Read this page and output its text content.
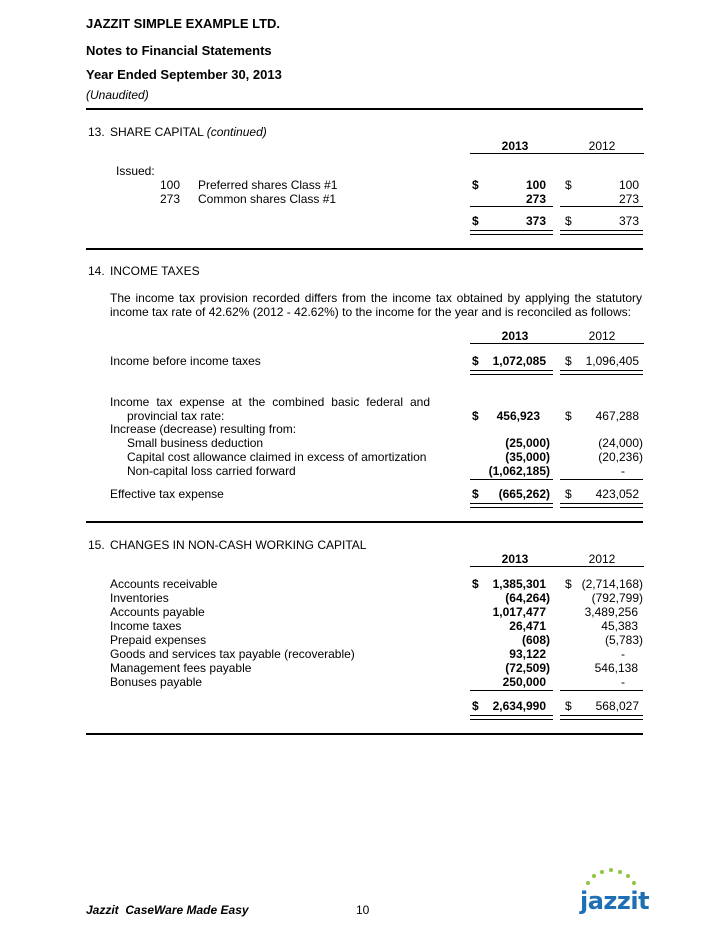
JAZZIT SIMPLE EXAMPLE LTD.
Notes to Financial Statements
Year Ended September 30, 2013
(Unaudited)
13. SHARE CAPITAL (continued)
2013	2012
Issued:
100 Preferred shares Class #1	$	100 $	100
273 Common shares Class #1	273	273
$	373 $	373
14. INCOME TAXES
The income tax provision recorded differs from the income tax obtained by applying the statutory
income tax rate of 42.62% (2012 - 42.62%) to the income for the year and is reconciled as follows:
2013	2012
Income before income taxes	$	1,072,085 $	1,096,405
Income tax expense at the combined basic federal and
provincial tax rate:	$	456,923 $	467,288
Increase (decrease) resulting from:
Small business deduction	(25,000)	(24,000)
Capital cost allowance claimed in excess of amortization	(35,000)	(20,236)
Non-capital loss carried forward	(1,062,185)	-
Effective tax expense	$	(665,262) $	423,052
15. CHANGES IN NON-CASH WORKING CAPITAL
2013	2012
Accounts receivable	$	1,385,301 $ (2,714,168)
Inventories	(64,264)	(792,799)
Accounts payable	1,017,477	3,489,256
Income taxes	26,471	45,383
Prepaid expenses	(608)	(5,783)
Goods and services tax payable (recoverable)	93,122	-
Management fees payable	(72,509)	546,138
Bonuses payable	250,000	-
$	2,634,990 $	568,027
Jazzit CaseWare Made Easy	10	jazzit
